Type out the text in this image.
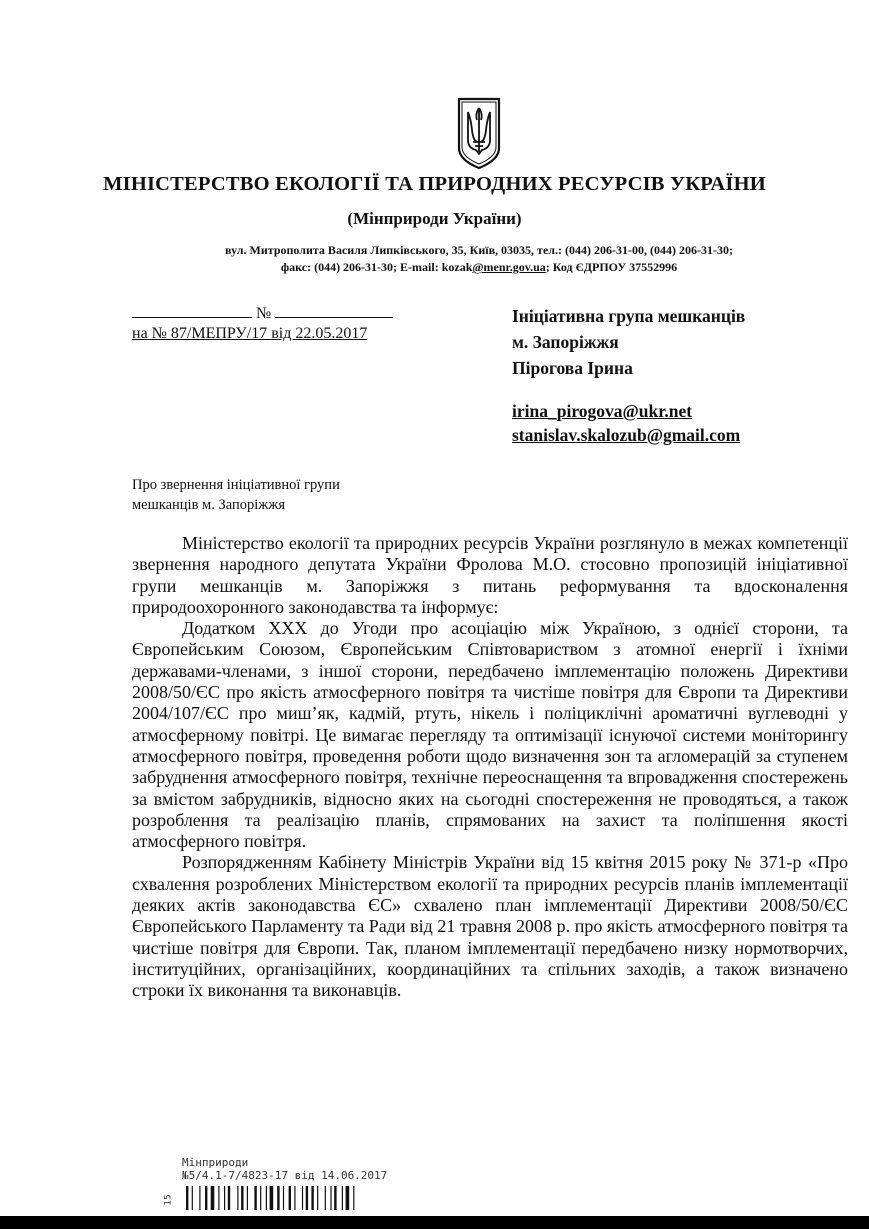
МІНІСТЕРСТВО ЕКОЛОГІЇ ТА ПРИРОДНИХ РЕСУРСІВ УКРАЇНИ
(Мінприроди України)
вул. Митрополита Василя Липківського, 35, Київ, 03035, тел.: (044) 206-31-00, (044) 206-31-30;
факс: (044) 206-31-30; E-mail: kozak@menr.gov.ua; Код ЄДРПОУ 37552996
№
на № 87/МЕПРУ/17 від 22.05.2017
Ініціативна група мешканців
м. Запоріжжя
Пірогова Ірина
irina_pirogova@ukr.net
stanislav.skalozub@gmail.com
Про звернення ініціативної групи
мешканців м. Запоріжжя

Міністерство екології та природних ресурсів України розглянуло в межах компетенції звернення народного депутата України Фролова М.О. стосовно пропозицій ініціативної групи мешканців м. Запоріжжя з питань реформування та вдосконалення природоохоронного законодавства та інформує:

Додатком ХХХ до Угоди про асоціацію між Україною, з однієї сторони, та Європейським Союзом, Європейським Співтовариством з атомної енергії і їхніми державами-членами, з іншої сторони, передбачено імплементацію положень Директиви 2008/50/ЄС про якість атмосферного повітря та чистіше повітря для Європи та Директиви 2004/107/ЄС про миш’як, кадмій, ртуть, нікель і поліциклічні ароматичні вуглеводні у атмосферному повітрі. Це вимагає перегляду та оптимізації існуючої системи моніторингу атмосферного повітря, проведення роботи щодо визначення зон та агломерацій за ступенем забруднення атмосферного повітря, технічне переоснащення та впровадження спостережень за вмістом забрудників, відносно яких на сьогодні спостереження не проводяться, а також розроблення та реалізацію планів, спрямованих на захист та поліпшення якості атмосферного повітря.

Розпорядженням Кабінету Міністрів України від 15 квітня 2015 року № 371-р «Про схвалення розроблених Міністерством екології та природних ресурсів планів імплементації деяких актів законодавства ЄС» схвалено план імплементації Директиви 2008/50/ЄС Європейського Парламенту та Ради від 21 травня 2008 р. про якість атмосферного повітря та чистіше повітря для Європи. Так, планом імплементації передбачено низку нормотворчих, інституційних, організаційних, координаційних та спільних заходів, а також визначено строки їх виконання та виконавців.

Мінприроди
№5/4.1-7/4823-17 від 14.06.2017
15
